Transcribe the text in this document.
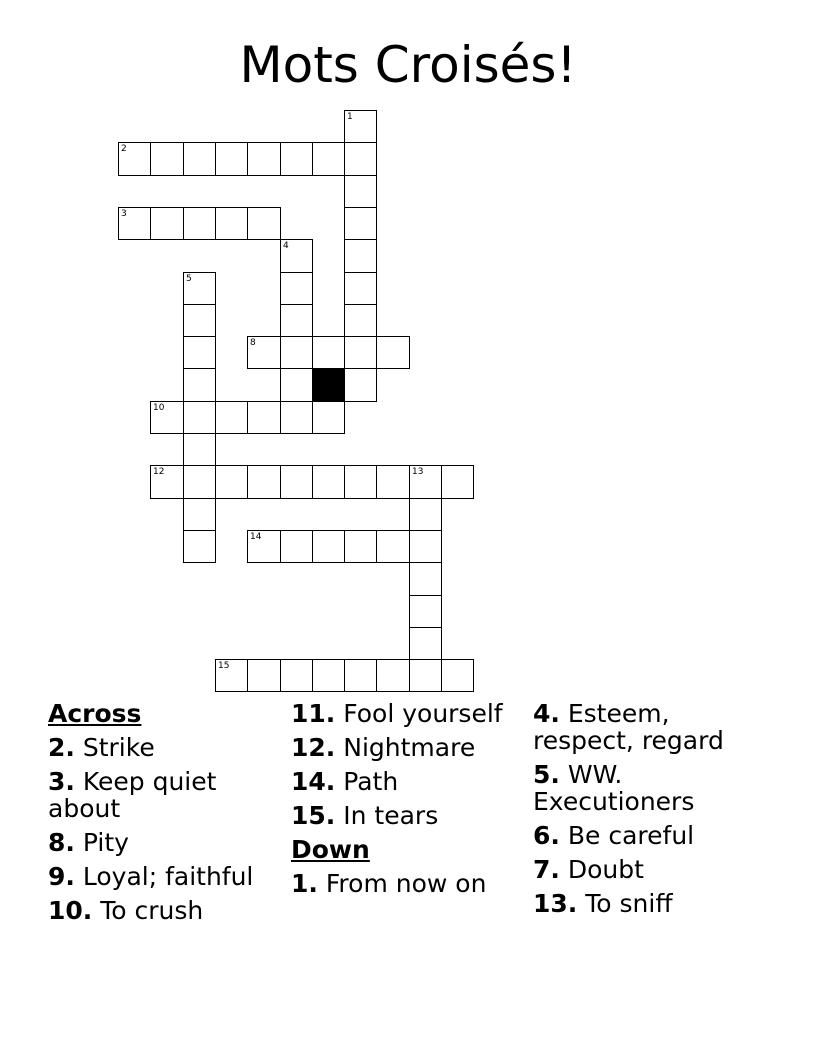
Mots Croisés!
1
2
3
4
5
8
10
12	13
14
15
Across
2. Strike
3. Keep quiet about
8. Pity
9. Loyal; faithful
10. To crush
11. Fool yourself
12. Nightmare
14. Path
15. In tears
Down
1. From now on
4. Esteem, respect, regard
5. WW. Executioners
6. Be careful
7. Doubt
13. To sniff
